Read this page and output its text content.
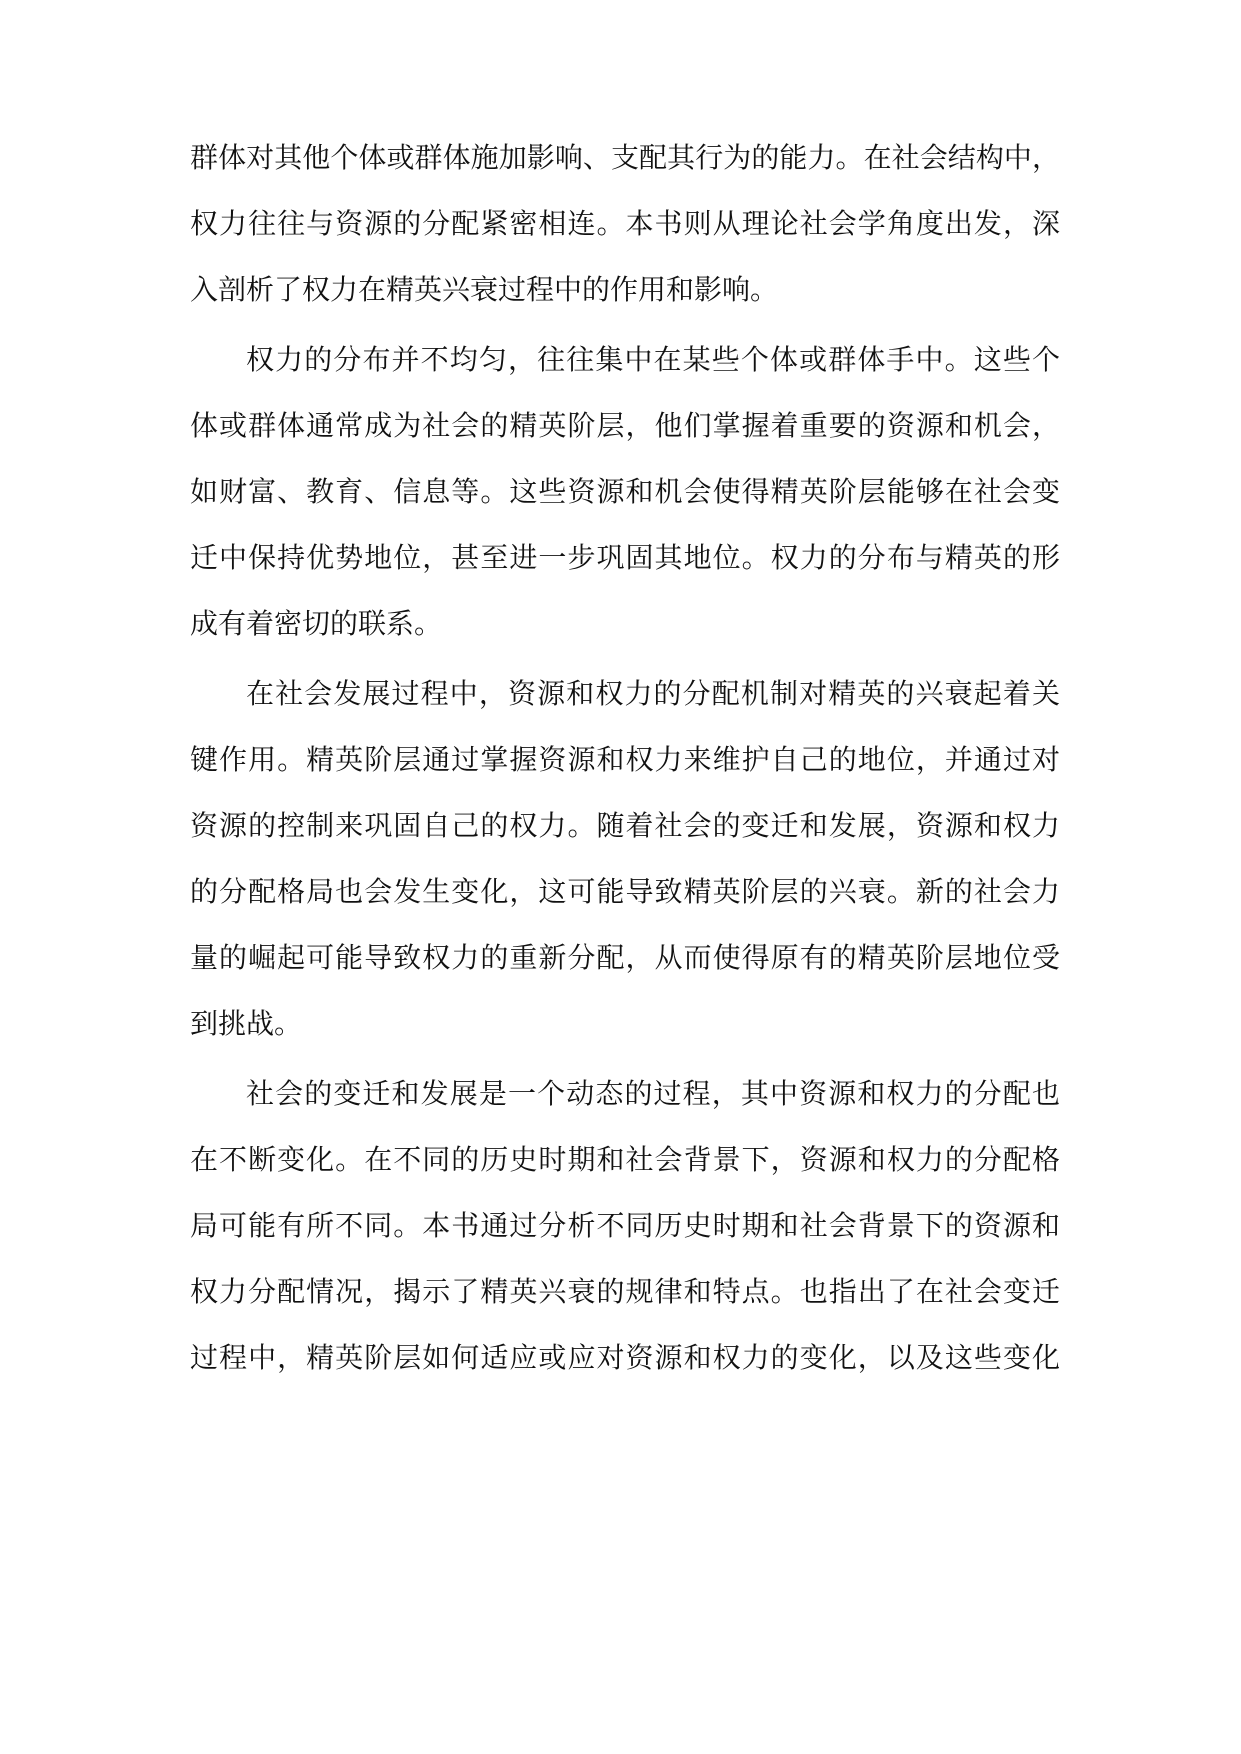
群体对其他个体或群体施加影响、支配其行为的能力。在社会结构中，
权力往往与资源的分配紧密相连。本书则从理论社会学角度出发，深
入剖析了权力在精英兴衰过程中的作用和影响。
权力的分布并不均匀，往往集中在某些个体或群体手中。这些个
体或群体通常成为社会的精英阶层，他们掌握着重要的资源和机会，
如财富、教育、信息等。这些资源和机会使得精英阶层能够在社会变
迁中保持优势地位，甚至进一步巩固其地位。权力的分布与精英的形
成有着密切的联系。
在社会发展过程中，资源和权力的分配机制对精英的兴衰起着关
键作用。精英阶层通过掌握资源和权力来维护自己的地位，并通过对
资源的控制来巩固自己的权力。随着社会的变迁和发展，资源和权力
的分配格局也会发生变化，这可能导致精英阶层的兴衰。新的社会力
量的崛起可能导致权力的重新分配，从而使得原有的精英阶层地位受
到挑战。
社会的变迁和发展是一个动态的过程，其中资源和权力的分配也
在不断变化。在不同的历史时期和社会背景下，资源和权力的分配格
局可能有所不同。本书通过分析不同历史时期和社会背景下的资源和
权力分配情况，揭示了精英兴衰的规律和特点。也指出了在社会变迁
过程中，精英阶层如何适应或应对资源和权力的变化，以及这些变化
